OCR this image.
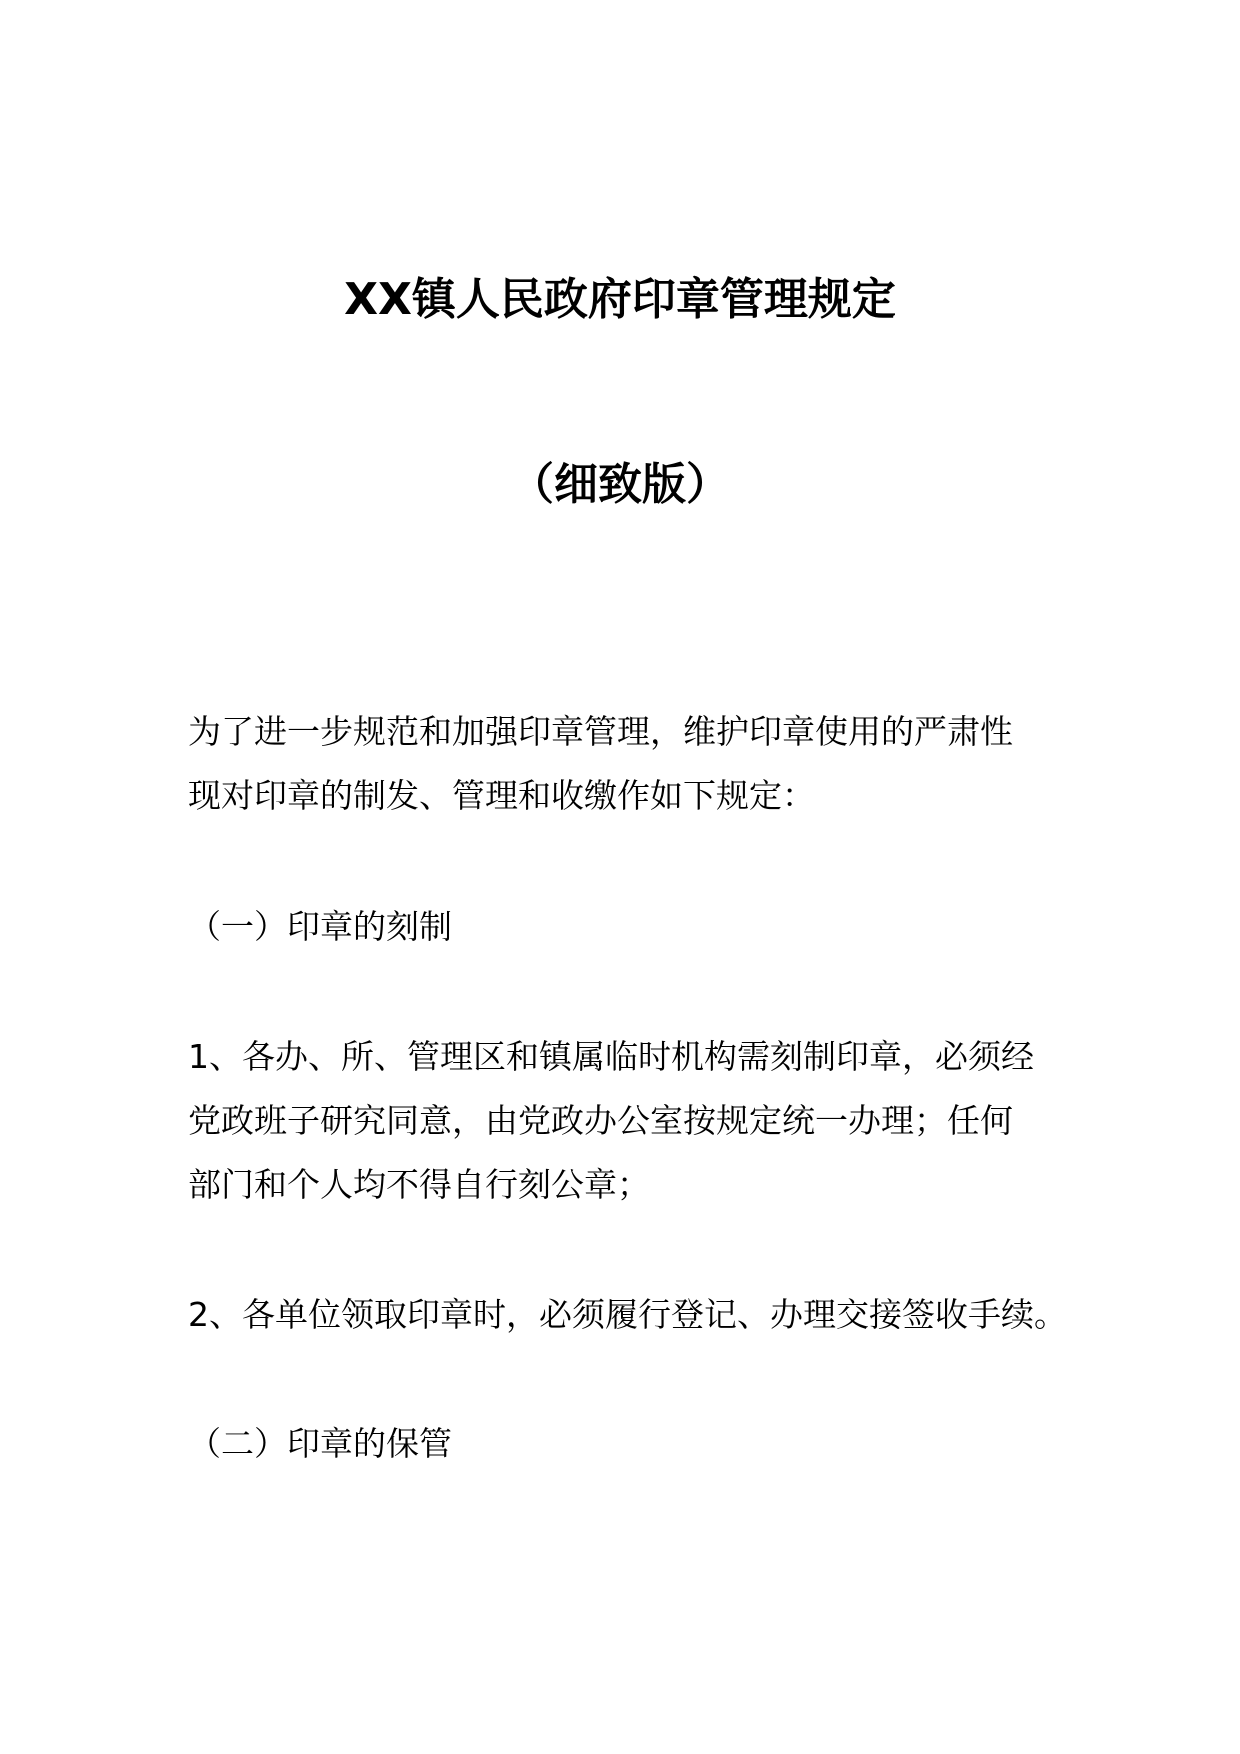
XX镇人民政府印章管理规定
（细致版）

为了进一步规范和加强印章管理，维护印章使用的严肃性
现对印章的制发、管理和收缴作如下规定：

（一）印章的刻制

1、各办、所、管理区和镇属临时机构需刻制印章，必须经
党政班子研究同意，由党政办公室按规定统一办理；任何
部门和个人均不得自行刻公章；

2、各单位领取印章时，必须履行登记、办理交接签收手续。

（二）印章的保管
